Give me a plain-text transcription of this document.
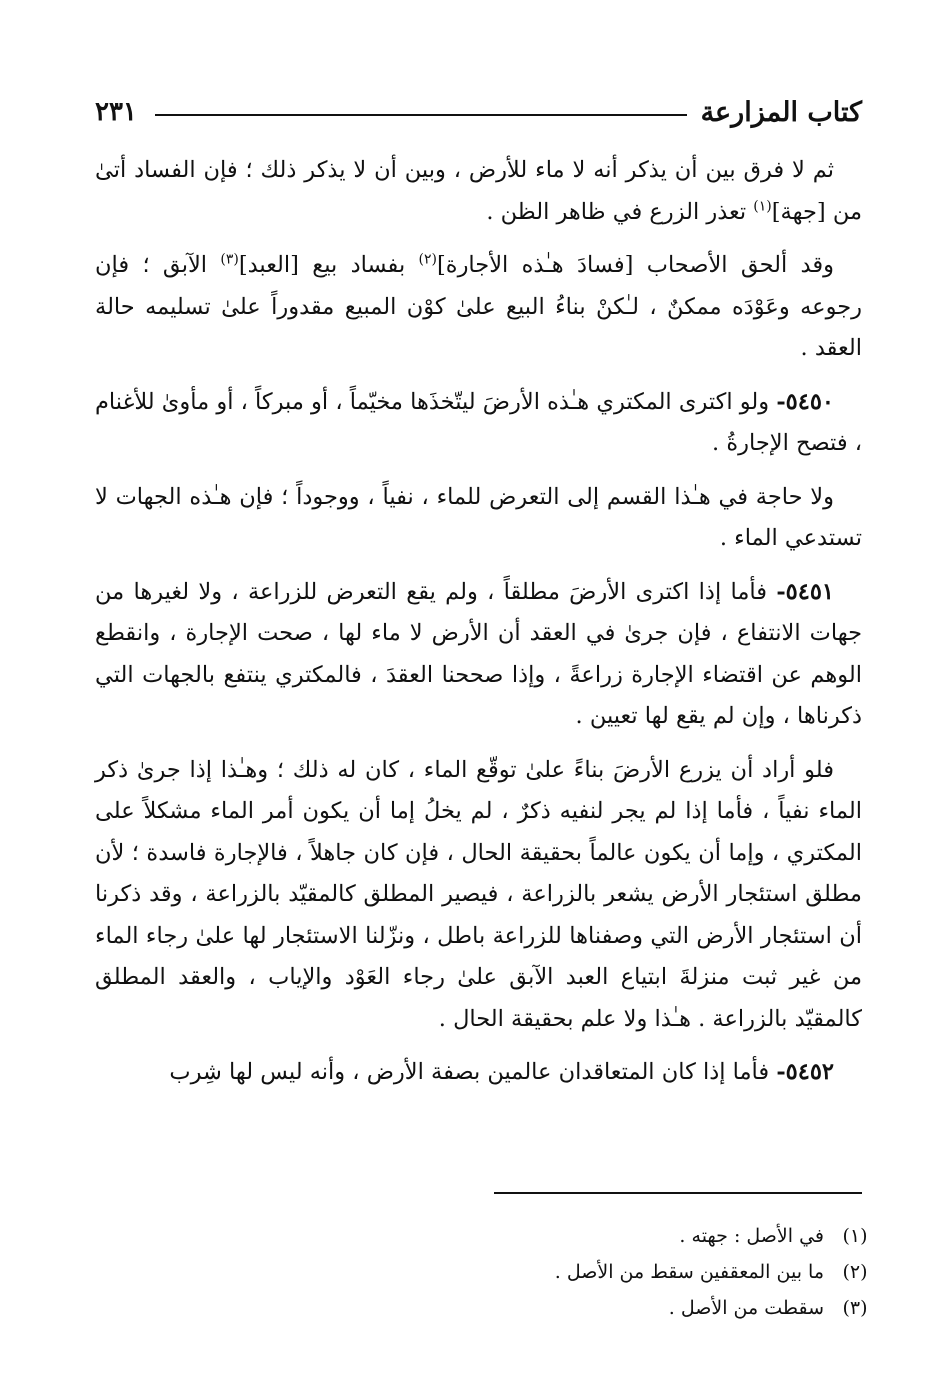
كتاب المزارعة
٢٣١

ثم لا فرق بين أن يذكر أنه لا ماء للأرض ، وبين أن لا يذكر ذلك ؛ فإن الفساد أتىٰ من [جهة]$^{(١)}$ تعذر الزرع في ظاهر الظن .

وقد ألحق الأصحاب [فسادَ هـٰذه الأجارة]$^{(٢)}$ بفساد بيع [العبد]$^{(٣)}$ الآبق ؛ فإن رجوعه وعَوْدَه ممكنٌ ، لـٰكنْ بناءُ البيع علىٰ كوْن المبيع مقدوراً علىٰ تسليمه حالة العقد .

٥٤٥٠- ولو اكترى المكتري هـٰذه الأرضَ ليتّخذَها مخيّماً ، أو مبركاً ، أو مأوىٰ للأغنام ، فتصح الإجارةُ .

ولا حاجة في هـٰذا القسم إلى التعرض للماء ، نفياً ، ووجوداً ؛ فإن هـٰذه الجهات لا تستدعي الماء .

٥٤٥١- فأما إذا اكترى الأرضَ مطلقاً ، ولم يقع التعرض للزراعة ، ولا لغيرها من جهات الانتفاع ، فإن جرىٰ في العقد أن الأرض لا ماء لها ، صحت الإجارة ، وانقطع الوهم عن اقتضاء الإجارة زراعةً ، وإذا صححنا العقدَ ، فالمكتري ينتفع بالجهات التي ذكرناها ، وإن لم يقع لها تعيين .

فلو أراد أن يزرع الأرضَ بناءً علىٰ توقّع الماء ، كان له ذلك ؛ وهـٰذا إذا جرىٰ ذكر الماء نفياً ، فأما إذا لم يجر لنفيه ذكرٌ ، لم يخلُ إما أن يكون أمر الماء مشكلاً على المكتري ، وإما أن يكون عالماً بحقيقة الحال ، فإن كان جاهلاً ، فالإجارة فاسدة ؛ لأن مطلق استئجار الأرض يشعر بالزراعة ، فيصير المطلق كالمقيّد بالزراعة ، وقد ذكرنا أن استئجار الأرض التي وصفناها للزراعة باطل ، ونزّلنا الاستئجار لها علىٰ رجاء الماء من غير ثبت منزلةَ ابتياع العبد الآبق علىٰ رجاء العَوْد والإياب ، والعقد المطلق كالمقيّد بالزراعة . هـٰذا ولا علم بحقيقة الحال .

٥٤٥٢- فأما إذا كان المتعاقدان عالمين بصفة الأرض ، وأنه ليس لها شِرب

(١)
في الأصل : جهته .
(٢)
ما بين المعقفين سقط من الأصل .
(٣)
سقطت من الأصل .
